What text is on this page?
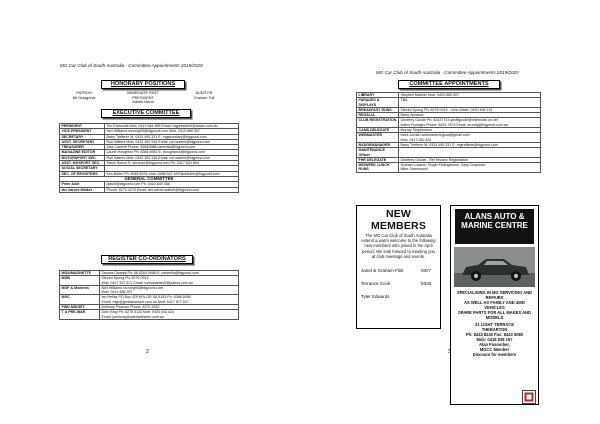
MG Car Club of South Australia - Committee Appointments 2019/2020
HONORARY POSITIONS
PATRON
Nil Octagonal
IMMEDIATE PAST PRESIDENT
Adrian Marni
AUDITOR
Graham Tull
EXECUTIVE COMMITTEE
PRESIDENT	Tim Edmonds Mob: 0419 664 865 Email: mgpresident@adam.com.au
VICE PRESIDENT	Neil Williams mcnmg95@bigpond.com Mob: 0419 886 397
SECRETARY	Barry Treffene M: 0434 495 331 E: mgsecretary@bigpond.com
ASST. SECRETARY	Ron Waters Mob: 0432 362 916 Email: ron.waters@bigpond.com
TREASURER	Alan Cantrell Phone: 82649988 cantrella@bigpond.com
MAGAZINE EDITOR	Laurie Houghton Ph: 8386 8963 E: lhoughton4@bigpond.com
MOTORSPORT SEC.	Ron Waters Mob: 0432 362 916 Email: ron.waters@bigpond.com
ASST. MGSPORT SEC.	Steve Ronco E: sbronco@bigpond.com Ph: 0417 624 664
SOCIAL SECRETARY	
SEC. OF REGISTERS	Ken Butler Ph: 8369 6231 mob: 0488 547 649 kmbtutler@bigpond.com
GENERAL COMMITTEE	
Peter Auld	pjauld@bigpond.com Ph: 0410 649 486
Ian Carner-Walker	Phone: 8270 4275 Email: ian.carner.walker@bigpond.com
REGISTER CO-ORDINATORS
MGA/MAGNETTE	Sandra Cantrell Ph: 08 8264 9988 E: cantrella@bigpond.com
MGB	Steven Spong Ph: 8276 0913
Mob: 0417 817 871 Email: turbostarbird2@yahoo.com.au
MGF & Moderns	Neil Williams mcnmg95@bigpond.com
Mob: 0419 886 397
MGC	Ian Hellas PO Box 429 MYLOR SA 5153 Ph: 8388 5085
Email: mgc@globalcontact.com.au Mob: 0417 877 527
PWD MIDGET	Anthony Pearson Phone: 8270 4392
T & PRE-WAR	John Bray Ph: 8278 5133 Mob: 0403 043 434
Email: johnbray@adelaideseek.com.au
2
MG Car Club of South Australia - Committee Appointments 2019/2020
COMMITTEE APPOINTMENTS
LIBRARY	Stephen Mattner Mob: 0409 665 907
PARADES & DISPLAYS	TBA
BREAKFAST RUNS	Steven Spong Ph: 8276 0913 - John Wash: 0420 406 131
REGALIA	Barry Sprason
CLUB REGISTRATION	Geoffrey Goode Ph: 82437743 geoffgoode@internode.on.net
Arthur Rundger Phone: 8263 7873 Email: arundg@bigpond.com.au
CAMS DELEGATE	Murray Stephenson
WEBMASTER	Mark Jordan webmastermgcsa@gmail.com
Mob: 0417 082 631
BADGEMANAGER	Barry Treffene M: 0434 495 331 E: mgtreffane@bigpond.com
MAINTENANCE Officer	
FHR DELEGATE	Geoffrey Goode - Ref Historic Registration
MIDWEEK LUNCH RUNS	Graham Lawton, Roger Fullingtowns, Gary Chapman
Mike Greenwood
NEW MEMBERS
The MG Car Club of South Australia extend a warm welcome to the following new members who joined in the April period. We look forward to meeting you at club meetings and events.
Janet & Graham Flint	MGY
Terrance Cook	MGB
Tyler Edwards
ALANS AUTO & MARINE CENTRE
SPECIALISING IN MG SERVICING AND REPAIRS
AS WELL AS FAMILY AND 4WD VEHICLES
SPARE PARTS FOR ALL MAKES AND MODELS
31 LIGHT TERRACE
THEBARTON
Ph: 8443 8240 Fax: 8443 5080
Mob: 0418 839 167
Alan Fosomber,
MGCC Member
Discount for members
3
